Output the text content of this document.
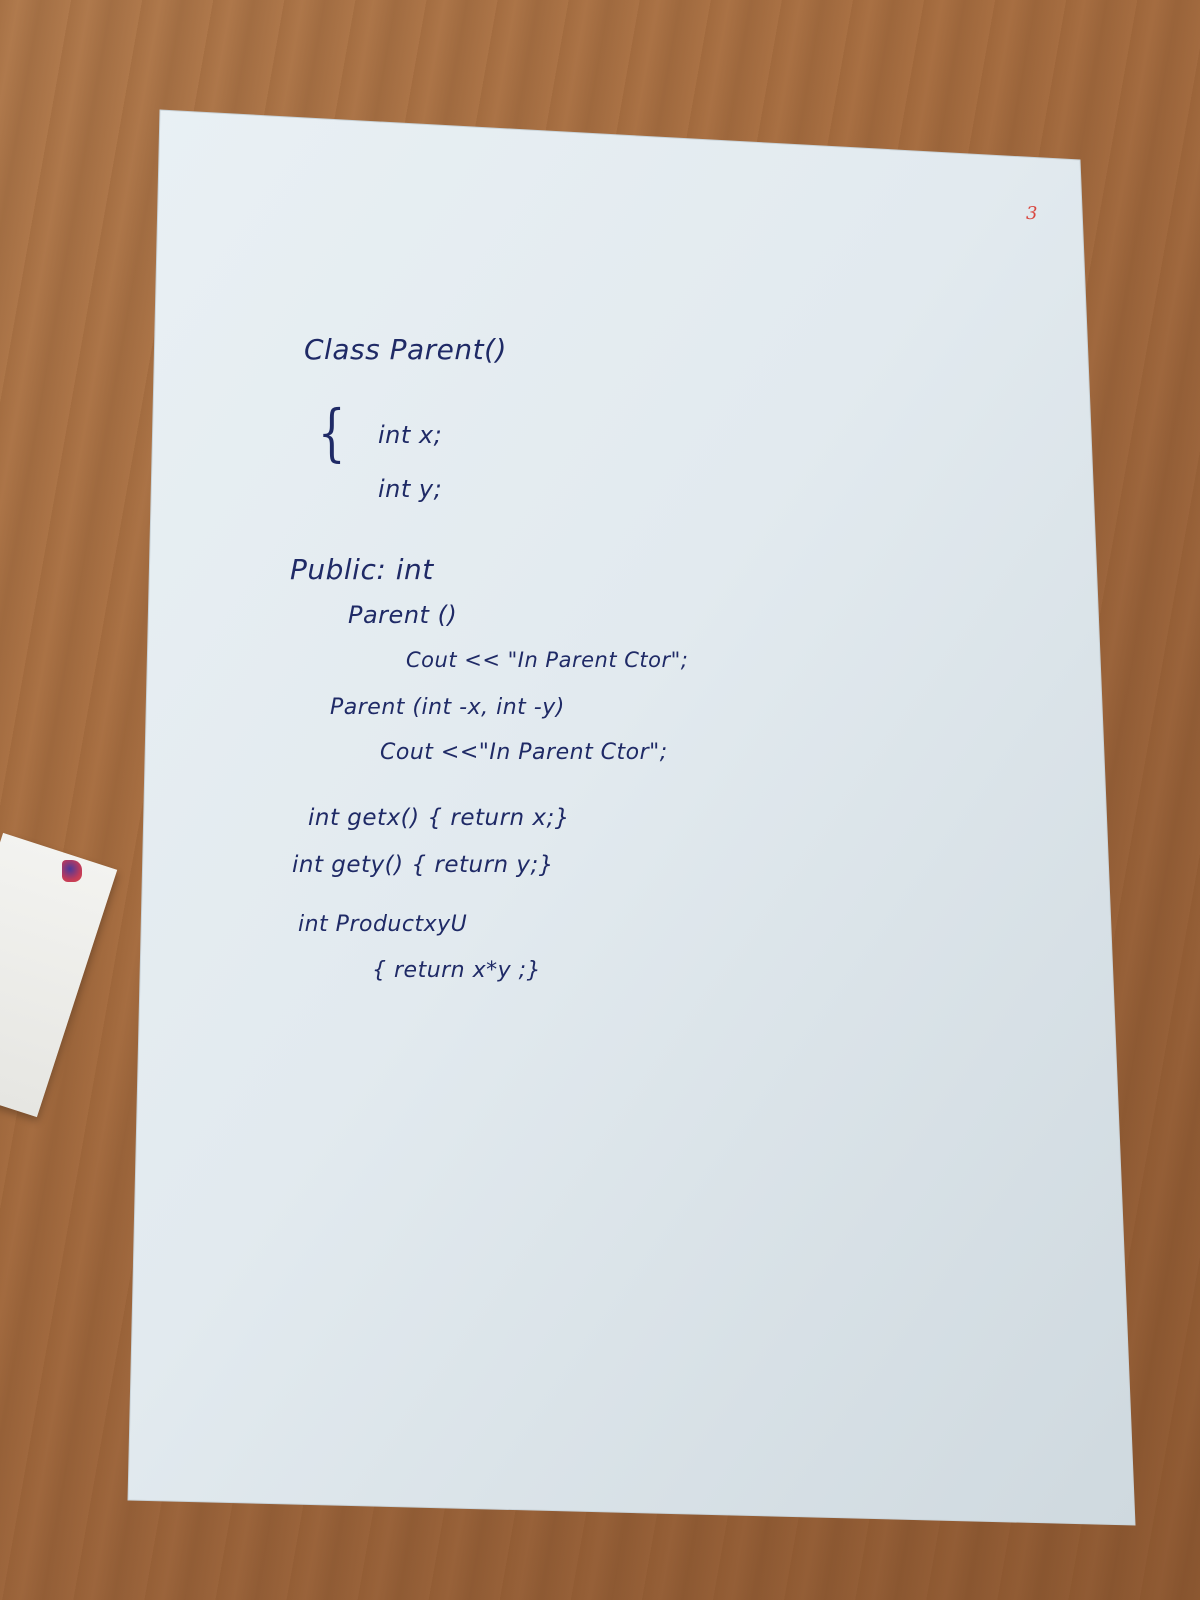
3
{
Class Parent()
int x;
int y;
Public: int
Parent ()
Cout << "In Parent Ctor";
Parent (int -x, int -y)
Cout <<"In Parent Ctor";
int getx() { return x;}
int gety() { return y;}
int ProductxyU
{ return x*y ;}
